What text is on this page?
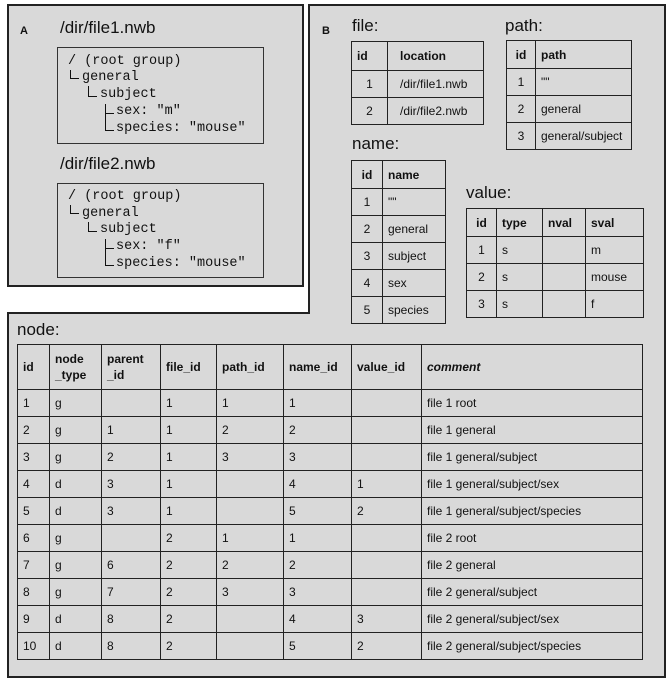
A /dir/file1.nwb
/ (root group)
general
subject
sex: "m"
species: "mouse"
/dir/file2.nwb
/ (root group)
general
subject
sex: "f"
species: "mouse"
B file:	path:
name:
value:
id	location
1	/dir/file1.nwb
2	/dir/file2.nwb
id	path
1	""
2	general
3	general/subject
id	name
1	""
2	general
3	subject
4	sex
5	species
id	type	nval	sval
1	s		m
2	s		mouse
3	s		f
node:
id	node _type	parent _id	file_id	path_id	name_id	value_id	comment
1	g		1	1	1		file 1 root
2	g	1	1	2	2		file 1 general
3	g	2	1	3	3		file 1 general/subject
4	d	3	1		4	1	file 1 general/subject/sex
5	d	3	1		5	2	file 1 general/subject/species
6	g		2	1	1		file 2 root
7	g	6	2	2	2		file 2 general
8	g	7	2	3	3		file 2 general/subject
9	d	8	2		4	3	file 2 general/subject/sex
10	d	8	2		5	2	file 2 general/subject/species
